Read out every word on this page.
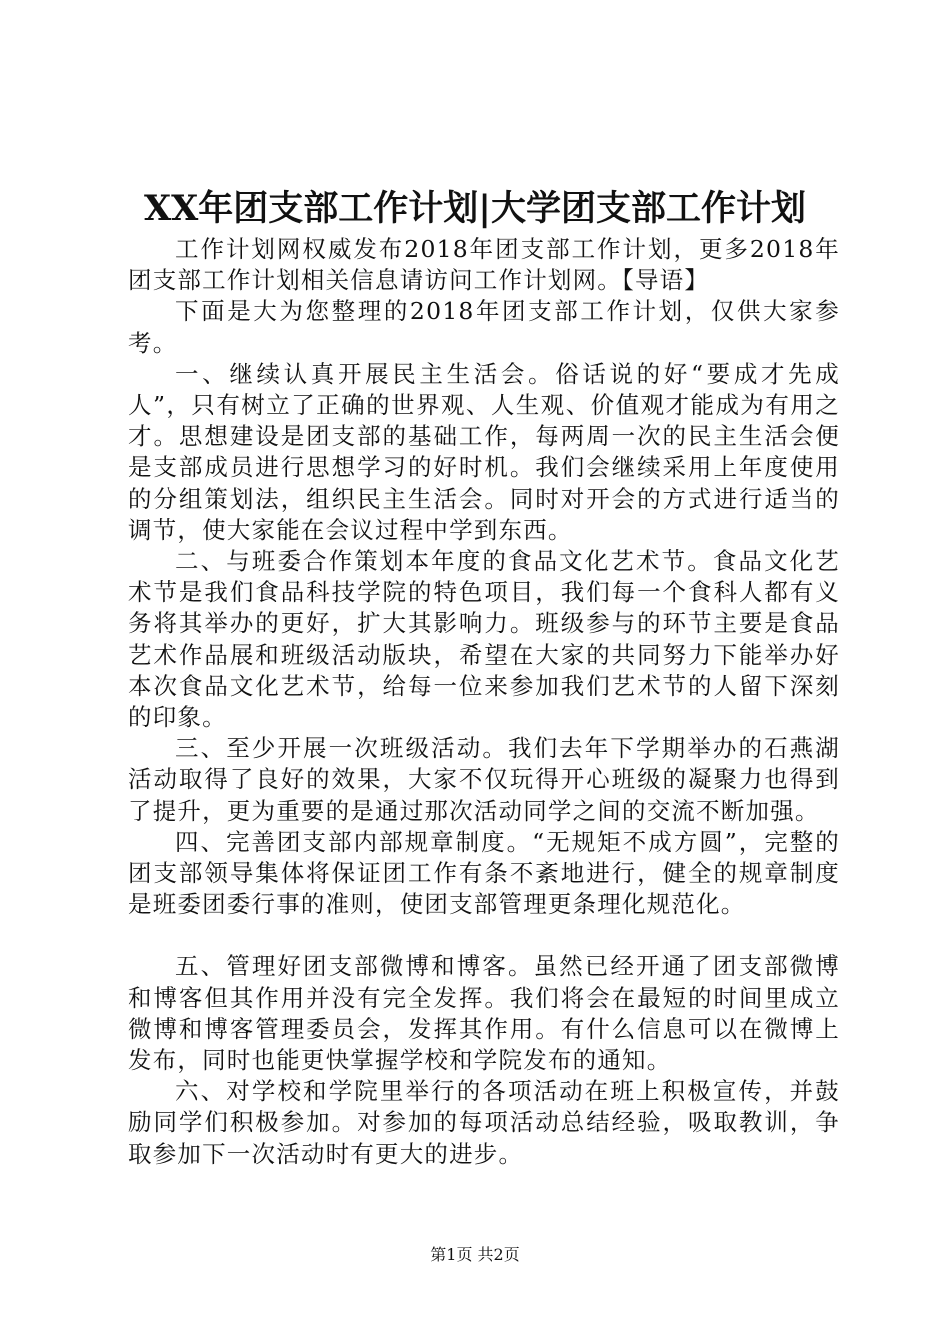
XX年团支部工作计划|大学团支部工作计划

工作计划网权威发布2018年团支部工作计划，更多2018年团支部工作计划相关信息请访问工作计划网。【导语】

下面是大为您整理的2018年团支部工作计划，仅供大家参考。

一、继续认真开展民主生活会。俗话说的好“要成才先成人”，只有树立了正确的世界观、人生观、价值观才能成为有用之才。思想建设是团支部的基础工作，每两周一次的民主生活会便是支部成员进行思想学习的好时机。我们会继续采用上年度使用的分组策划法，组织民主生活会。同时对开会的方式进行适当的调节，使大家能在会议过程中学到东西。

二、与班委合作策划本年度的食品文化艺术节。食品文化艺术节是我们食品科技学院的特色项目，我们每一个食科人都有义务将其举办的更好，扩大其影响力。班级参与的环节主要是食品艺术作品展和班级活动版块，希望在大家的共同努力下能举办好本次食品文化艺术节，给每一位来参加我们艺术节的人留下深刻的印象。

三、至少开展一次班级活动。我们去年下学期举办的石燕湖活动取得了良好的效果，大家不仅玩得开心班级的凝聚力也得到了提升，更为重要的是通过那次活动同学之间的交流不断加强。

四、完善团支部内部规章制度。“无规矩不成方圆”，完整的团支部领导集体将保证团工作有条不紊地进行，健全的规章制度是班委团委行事的准则，使团支部管理更条理化规范化。

五、管理好团支部微博和博客。虽然已经开通了团支部微博和博客但其作用并没有完全发挥。我们将会在最短的时间里成立微博和博客管理委员会，发挥其作用。有什么信息可以在微博上发布，同时也能更快掌握学校和学院发布的通知。

六、对学校和学院里举行的各项活动在班上积极宣传，并鼓励同学们积极参加。对参加的每项活动总结经验，吸取教训，争取参加下一次活动时有更大的进步。

第1页 共2页
